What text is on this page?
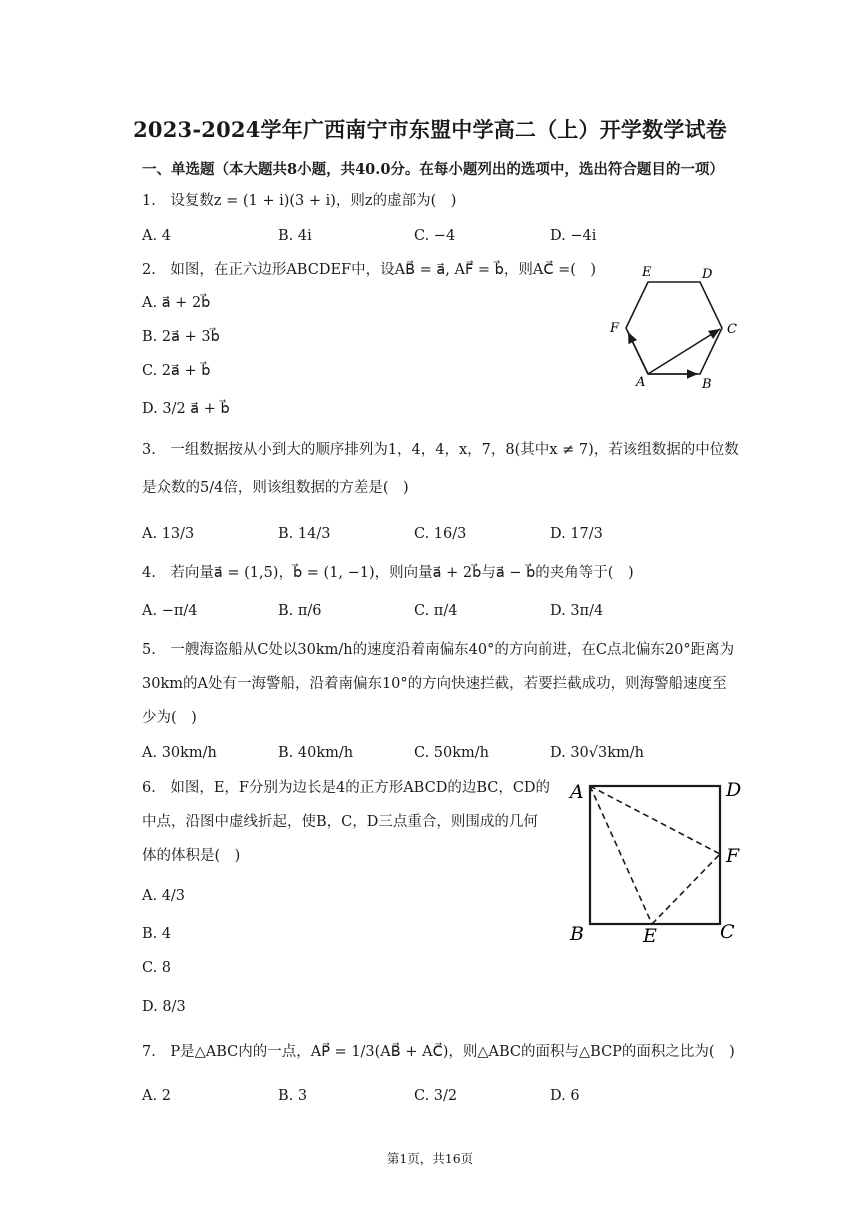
2023-2024学年广西南宁市东盟中学高二（上）开学数学试卷
一、单选题（本大题共8小题，共40.0分。在每小题列出的选项中，选出符合题目的一项）
1.　设复数z = (1 + i)(3 + i)，则z的虚部为(　)
A. 4	B. 4i	C. −4	D. −4i
2.　如图，在正六边形ABCDEF中，设AB⃗ = a⃗, AF⃗ = b⃗，则AC⃗ =(　)
A. a⃗ + 2b⃗
B. 2a⃗ + 3b⃗
C. 2a⃗ + b⃗
D. 3/2 a⃗ + b⃗
E	D
F	C
A	B
3.　一组数据按从小到大的顺序排列为1，4，4，x，7，8(其中x ≠ 7)，若该组数据的中位数
是众数的5/4倍，则该组数据的方差是(　)
A. 13/3	B. 14/3	C. 16/3	D. 17/3
4.　若向量a⃗ = (1,5)，b⃗ = (1, −1)，则向量a⃗ + 2b⃗与a⃗ − b⃗的夹角等于(　)
A. −π/4	B. π/6	C. π/4	D. 3π/4
5.　一艘海盗船从C处以30km/h的速度沿着南偏东40°的方向前进，在C点北偏东20°距离为
30km的A处有一海警船，沿着南偏东10°的方向快速拦截，若要拦截成功，则海警船速度至
少为(　)
A. 30km/h	B. 40km/h	C. 50km/h	D. 30√3km/h
6.　如图，E，F分别为边长是4的正方形ABCD的边BC，CD的
中点，沿图中虚线折起，使B，C，D三点重合，则围成的几何
体的体积是(　)
A. 4/3
B. 4
C. 8
D. 8/3
A	D
F
B	E	C
7.　P是△ABC内的一点，AP⃗ = 1/3(AB⃗ + AC⃗)，则△ABC的面积与△BCP的面积之比为(　)
A. 2	B. 3	C. 3/2	D. 6
第1页，共16页
